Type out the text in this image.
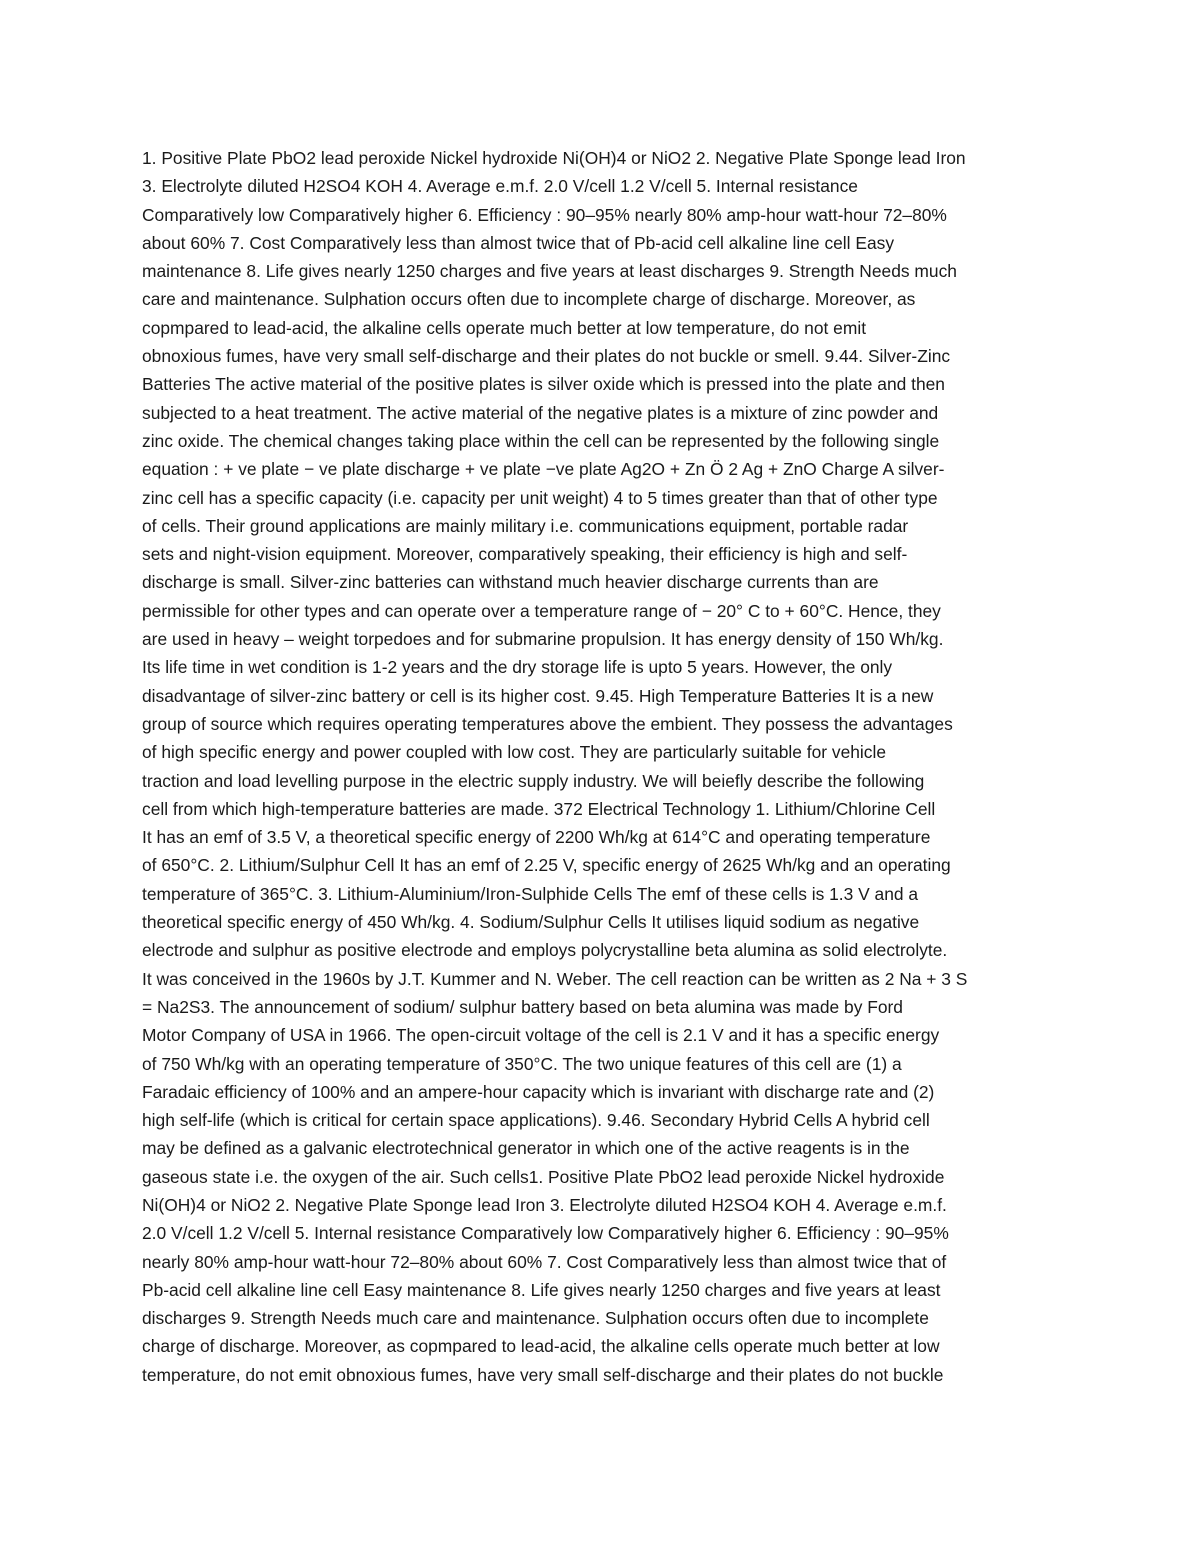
1. Positive Plate PbO2 lead peroxide Nickel hydroxide Ni(OH)4 or NiO2 2. Negative Plate Sponge lead Iron
3. Electrolyte diluted H2SO4 KOH 4. Average e.m.f. 2.0 V/cell 1.2 V/cell 5. Internal resistance
Comparatively low Comparatively higher 6. Efficiency : 90–95% nearly 80% amp-hour watt-hour 72–80%
about 60% 7. Cost Comparatively less than almost twice that of Pb-acid cell alkaline line cell Easy
maintenance 8. Life gives nearly 1250 charges and five years at least discharges 9. Strength Needs much
care and maintenance. Sulphation occurs often due to incomplete charge of discharge. Moreover, as
copmpared to lead-acid, the alkaline cells operate much better at low temperature, do not emit
obnoxious fumes, have very small self-discharge and their plates do not buckle or smell. 9.44. Silver-Zinc
Batteries The active material of the positive plates is silver oxide which is pressed into the plate and then
subjected to a heat treatment. The active material of the negative plates is a mixture of zinc powder and
zinc oxide. The chemical changes taking place within the cell can be represented by the following single
equation : + ve plate − ve plate discharge + ve plate −ve plate Ag2O + Zn Ö 2 Ag + ZnO Charge A silver-
zinc cell has a specific capacity (i.e. capacity per unit weight) 4 to 5 times greater than that of other type
of cells. Their ground applications are mainly military i.e. communications equipment, portable radar
sets and night-vision equipment. Moreover, comparatively speaking, their efficiency is high and self-
discharge is small. Silver-zinc batteries can withstand much heavier discharge currents than are
permissible for other types and can operate over a temperature range of − 20° C to + 60°C. Hence, they
are used in heavy – weight torpedoes and for submarine propulsion. It has energy density of 150 Wh/kg.
Its life time in wet condition is 1-2 years and the dry storage life is upto 5 years. However, the only
disadvantage of silver-zinc battery or cell is its higher cost. 9.45. High Temperature Batteries It is a new
group of source which requires operating temperatures above the embient. They possess the advantages
of high specific energy and power coupled with low cost. They are particularly suitable for vehicle
traction and load levelling purpose in the electric supply industry. We will beiefly describe the following
cell from which high-temperature batteries are made. 372 Electrical Technology 1. Lithium/Chlorine Cell
It has an emf of 3.5 V, a theoretical specific energy of 2200 Wh/kg at 614°C and operating temperature
of 650°C. 2. Lithium/Sulphur Cell It has an emf of 2.25 V, specific energy of 2625 Wh/kg and an operating
temperature of 365°C. 3. Lithium-Aluminium/Iron-Sulphide Cells The emf of these cells is 1.3 V and a
theoretical specific energy of 450 Wh/kg. 4. Sodium/Sulphur Cells It utilises liquid sodium as negative
electrode and sulphur as positive electrode and employs polycrystalline beta alumina as solid electrolyte.
It was conceived in the 1960s by J.T. Kummer and N. Weber. The cell reaction can be written as 2 Na + 3 S
= Na2S3. The announcement of sodium/ sulphur battery based on beta alumina was made by Ford
Motor Company of USA in 1966. The open-circuit voltage of the cell is 2.1 V and it has a specific energy
of 750 Wh/kg with an operating temperature of 350°C. The two unique features of this cell are (1) a
Faradaic efficiency of 100% and an ampere-hour capacity which is invariant with discharge rate and (2)
high self-life (which is critical for certain space applications). 9.46. Secondary Hybrid Cells A hybrid cell
may be defined as a galvanic electrotechnical generator in which one of the active reagents is in the
gaseous state i.e. the oxygen of the air. Such cells1. Positive Plate PbO2 lead peroxide Nickel hydroxide
Ni(OH)4 or NiO2 2. Negative Plate Sponge lead Iron 3. Electrolyte diluted H2SO4 KOH 4. Average e.m.f.
2.0 V/cell 1.2 V/cell 5. Internal resistance Comparatively low Comparatively higher 6. Efficiency : 90–95%
nearly 80% amp-hour watt-hour 72–80% about 60% 7. Cost Comparatively less than almost twice that of
Pb-acid cell alkaline line cell Easy maintenance 8. Life gives nearly 1250 charges and five years at least
discharges 9. Strength Needs much care and maintenance. Sulphation occurs often due to incomplete
charge of discharge. Moreover, as copmpared to lead-acid, the alkaline cells operate much better at low
temperature, do not emit obnoxious fumes, have very small self-discharge and their plates do not buckle
